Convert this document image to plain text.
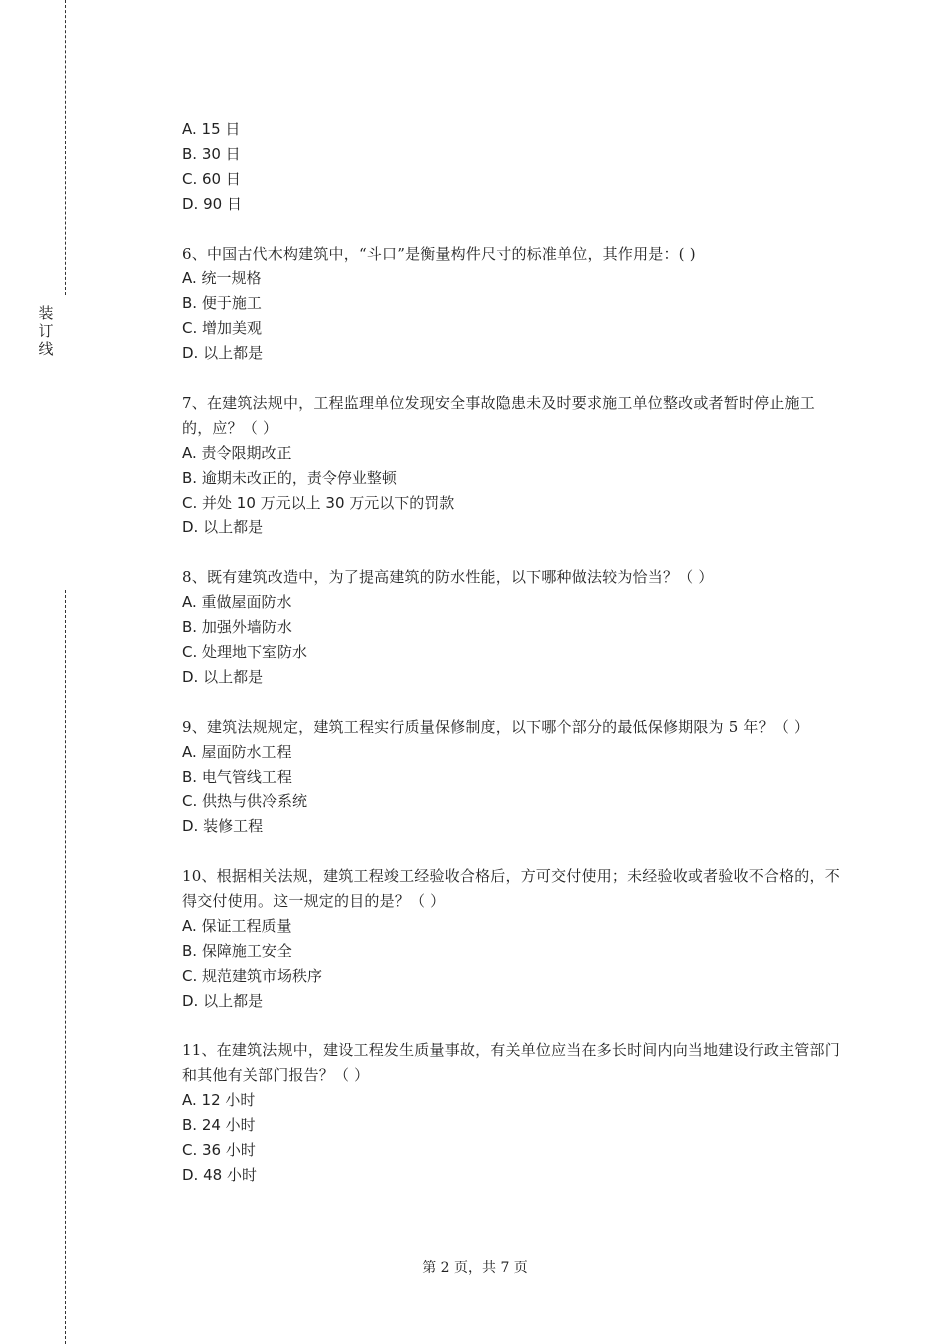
装
订
线
A. 15 日
B. 30 日
C. 60 日
D. 90 日
6、中国古代木构建筑中，“斗口”是衡量构件尺寸的标准单位，其作用是：( )
A. 统一规格
B. 便于施工
C. 增加美观
D. 以上都是
7、在建筑法规中，工程监理单位发现安全事故隐患未及时要求施工单位整改或者暂时停止施工的，应？（ ）
A. 责令限期改正
B. 逾期未改正的，责令停业整顿
C. 并处 10 万元以上 30 万元以下的罚款
D. 以上都是
8、既有建筑改造中，为了提高建筑的防水性能，以下哪种做法较为恰当？（ ）
A. 重做屋面防水
B. 加强外墙防水
C. 处理地下室防水
D. 以上都是
9、建筑法规规定，建筑工程实行质量保修制度，以下哪个部分的最低保修期限为 5 年？（ ）
A. 屋面防水工程
B. 电气管线工程
C. 供热与供冷系统
D. 装修工程
10、根据相关法规，建筑工程竣工经验收合格后，方可交付使用；未经验收或者验收不合格的，不得交付使用。这一规定的目的是？（ ）
A. 保证工程质量
B. 保障施工安全
C. 规范建筑市场秩序
D. 以上都是
11、在建筑法规中，建设工程发生质量事故，有关单位应当在多长时间内向当地建设行政主管部门和其他有关部门报告？（ ）
A. 12 小时
B. 24 小时
C. 36 小时
D. 48 小时
第 2 页，共 7 页
